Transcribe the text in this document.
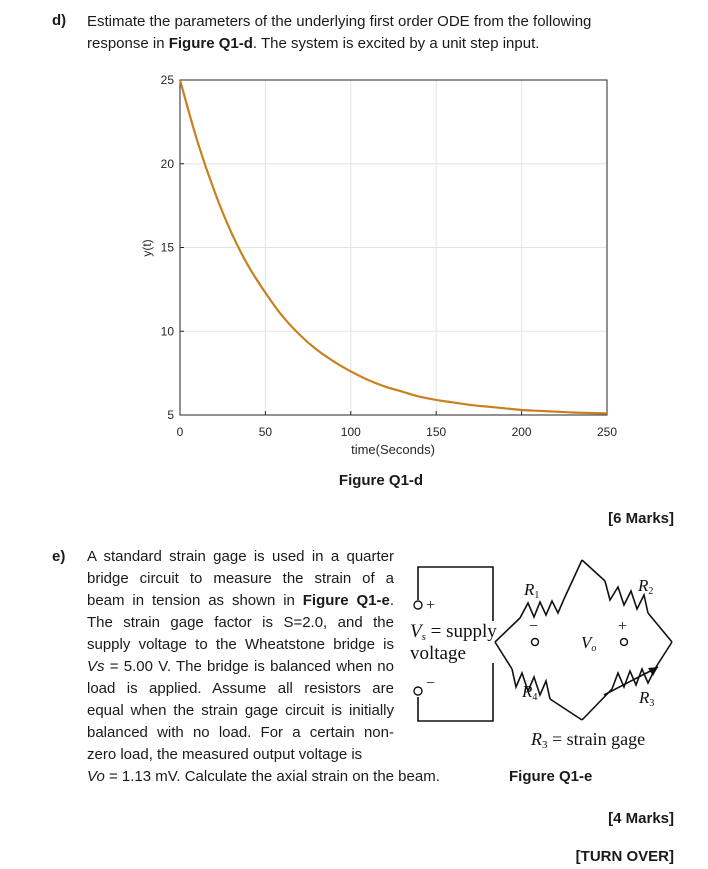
d) Estimate the parameters of the underlying first order ODE from the following
response in Figure Q1-d. The system is excited by a unit step input.
0	50	100	150	200	250
5
10
15
20
25
time(Seconds)
y(t)
Figure Q1-d
[6 Marks]
e) A standard strain gage is used in a quarter
bridge circuit to measure the strain of a
beam in tension as shown in Figure Q1-e.
The strain gage factor is S=2.0, and the
supply voltage to the Wheatstone bridge is
Vs = 5.00 V. The bridge is balanced when no
load is applied. Assume all resistors are
equal when the strain gage circuit is initially
balanced with no load. For a certain non-
zero load, the measured output voltage is
Vo = 1.13 mV. Calculate the axial strain on the beam.
+
−
Vs = supply
voltage
−	+
Vo
R1
R2
R3
R4
R3 = strain gage
Figure Q1-e
[4 Marks]
[TURN OVER]
